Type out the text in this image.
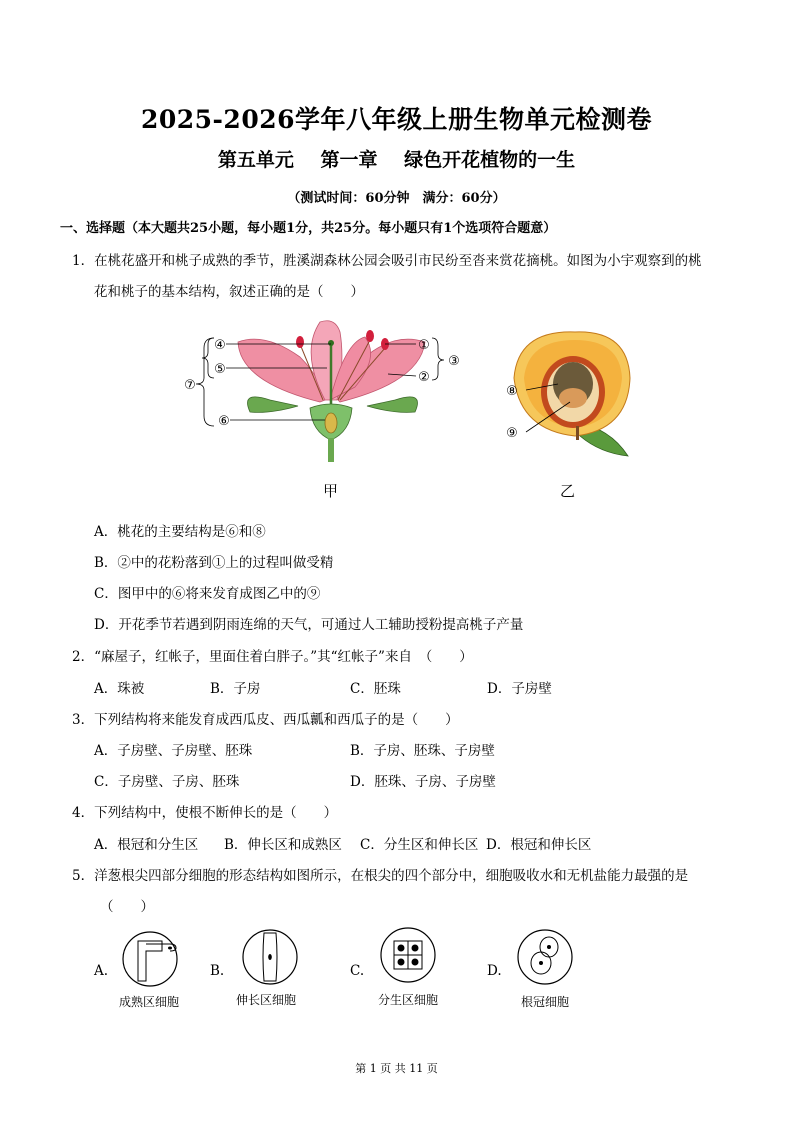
2025-2026学年八年级上册生物单元检测卷
第五单元 第一章 绿色开花植物的一生
（测试时间：60分钟　满分：60分）
一、选择题（本大题共25小题，每小题1分，共25分。每小题只有1个选项符合题意）
1．在桃花盛开和桃子成熟的季节，胜溪湖森林公园会吸引市民纷至沓来赏花摘桃。如图为小宇观察到的桃
花和桃子的基本结构，叙述正确的是（　　）
④
⑤
⑦
⑥
①
②
③
⑧
⑨
甲	乙
A．桃花的主要结构是⑥和⑧
B．②中的花粉落到①上的过程叫做受精
C．图甲中的⑥将来发育成图乙中的⑨
D．开花季节若遇到阴雨连绵的天气，可通过人工辅助授粉提高桃子产量
2．“麻屋子，红帐子，里面住着白胖子。”其“红帐子”来自　（　　）
A．珠被	B．子房	C．胚珠	D．子房壁
3．下列结构将来能发育成西瓜皮、西瓜瓤和西瓜子的是（　　）
A．子房壁、子房壁、胚珠	B．子房、胚珠、子房壁
C．子房壁、子房、胚珠	D．胚珠、子房、子房壁
4．下列结构中，使根不断伸长的是（　　）
A．根冠和分生区 B．伸长区和成熟区 C．分生区和伸长区 D．根冠和伸长区
5．洋葱根尖四部分细胞的形态结构如图所示，在根尖的四个部分中，细胞吸收水和无机盐能力最强的是
（　　）
A.
成熟区细胞
B.
伸长区细胞
C.
分生区细胞
D.
根冠细胞
第 1 页 共 11 页
